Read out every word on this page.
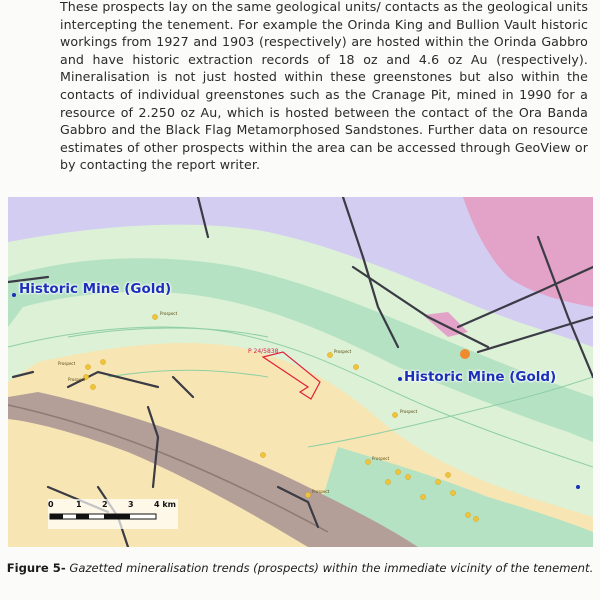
These prospects lay on the same geological units/ contacts as the geological units intercepting the tenement. For example the Orinda King and Bullion Vault historic workings from 1927 and 1903 (respectively) are hosted within the Orinda Gabbro and have historic extraction records of 18 oz and 4.6 oz Au (respectively). Mineralisation is not just hosted within these greenstones but also within the contacts of individual greenstones such as the Cranage Pit, mined in 1990 for a resource of 2.250 oz Au, which is hosted between the contact of the Ora Banda Gabbro and the Black Flag Metamorphosed Sandstones. Further data on resource estimates of other prospects within the area can be accessed through GeoView or by contacting the report writer.

P 24/5838
Prospect
Prospect
Prospect
Prospect
Prospect
Prospect
Prospect
Historic Mine (Gold)
Historic Mine (Gold)
0	1	2	3	4 km
Figure 5- Gazetted mineralisation trends (prospects) within the immediate vicinity of the tenement.
